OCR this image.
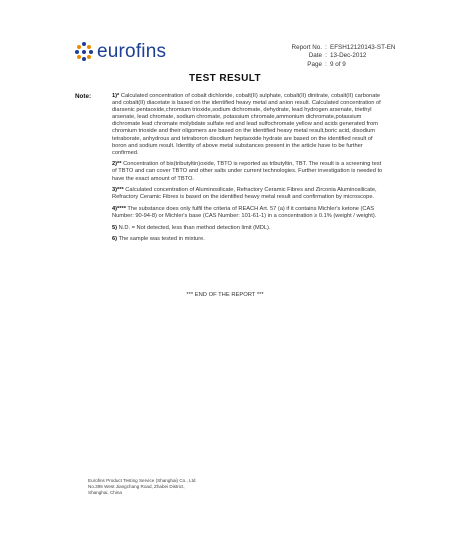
eurofins	Report No. : EFSH12120143-ST-EN
Date : 13-Dec-2012
Page : 9 of 9
TEST RESULT
Note:	1)* Calculated concentration of cobalt dichloride, cobalt(II) sulphate, cobalt(II) dinitrate, cobalt(II) carbonate and cobalt(II) diacetate is based on the identified heavy metal and anion result. Calculated concentration of diarsenic pentaoxide,chromium trioxide,sodium dichromate, dehydrate, lead hydrogen arsenate, triethyl arsenate, lead chromate, sodium chromate, potassium chromate,ammonium dichromate,potassium dichromate lead chromate molybdate sulfate red and lead sulfochromate yellow and acids generated from chromium trioxide and their oligomers are based on the identified heavy metal result,boric acid, disodium tetraborate, anhydrous and tetraboron disodium heptaoxide hydrate are based on the identified result of boron and sodium result. Identity of above metal substances present in the article have to be further confirmed.

2)** Concentration of bis(tributyltin)oxide, TBTO is reported as tributyltin, TBT. The result is a screening test of TBTO and can cover TBTO and other salts under current technologies. Further investigation is needed to have the exact amount of TBTO.

3)*** Calculated concentration of Aluminosilicate, Refractory Ceramic Fibres and Zirconia Aluminosilicate, Refractory Ceramic Fibres is based on the identified heavy metal result and confirmation by microscope.

4)**** The substance does only fulfil the criteria of REACH Art. 57 (a) if it contains Michler's ketone (CAS Number: 90-94-8) or Michler's base (CAS Number: 101-61-1) in a concentration ≥ 0.1% (weight / weight).

5) N.D. = Not detected, less than method detection limit (MDL).

6) The sample was tested in mixture.

*** END OF THE REPORT ***
Eurofins Product Testing Service (Shanghai) Co., Ltd
No.395 West Jiangchang Road, Zhabei District,
Shanghai, China
